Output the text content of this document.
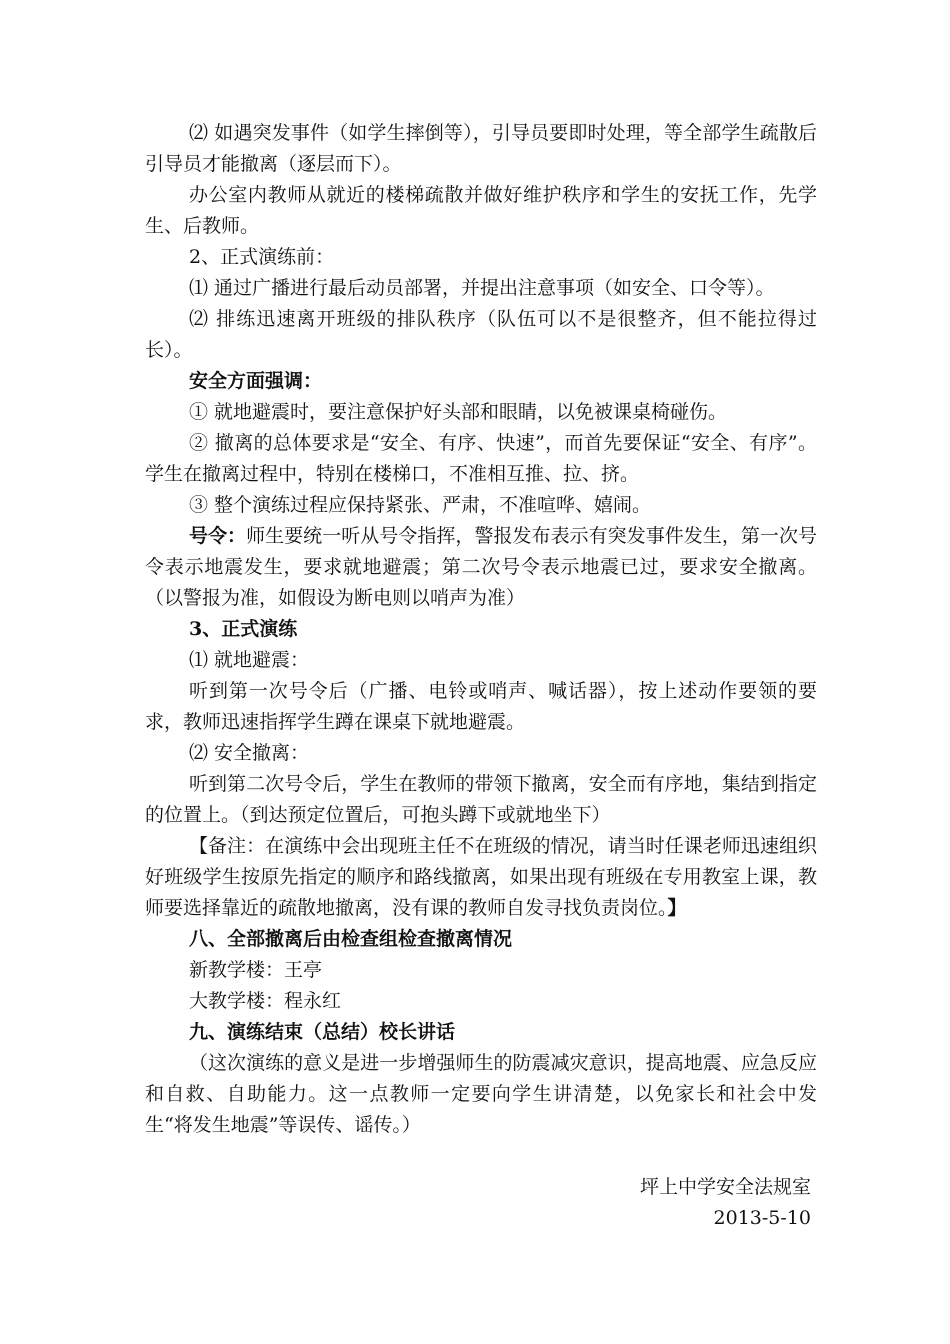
⑵ 如遇突发事件（如学生摔倒等），引导员要即时处理，等全部学生疏散后引导员才能撤离（逐层而下）。

办公室内教师从就近的楼梯疏散并做好维护秩序和学生的安抚工作，先学生、后教师。

2、正式演练前：

⑴ 通过广播进行最后动员部署，并提出注意事项（如安全、口令等）。

⑵ 排练迅速离开班级的排队秩序（队伍可以不是很整齐，但不能拉得过长）。

安全方面强调：

① 就地避震时，要注意保护好头部和眼睛，以免被课桌椅碰伤。

② 撤离的总体要求是“安全、有序、快速”，而首先要保证“安全、有序”。学生在撤离过程中，特别在楼梯口，不准相互推、拉、挤。

③ 整个演练过程应保持紧张、严肃，不准喧哗、嬉闹。

号令：师生要统一听从号令指挥，警报发布表示有突发事件发生，第一次号令表示地震发生，要求就地避震；第二次号令表示地震已过，要求安全撤离。（以警报为准，如假设为断电则以哨声为准）

3、正式演练

⑴ 就地避震：

听到第一次号令后（广播、电铃或哨声、喊话器），按上述动作要领的要求，教师迅速指挥学生蹲在课桌下就地避震。

⑵ 安全撤离：

听到第二次号令后，学生在教师的带领下撤离，安全而有序地，集结到指定的位置上。（到达预定位置后，可抱头蹲下或就地坐下）

【备注：在演练中会出现班主任不在班级的情况，请当时任课老师迅速组织好班级学生按原先指定的顺序和路线撤离，如果出现有班级在专用教室上课，教师要选择靠近的疏散地撤离，没有课的教师自发寻找负责岗位。】

八、全部撤离后由检查组检查撤离情况

新教学楼：王亭

大教学楼：程永红

九、演练结束（总结）校长讲话

（这次演练的意义是进一步增强师生的防震减灾意识，提高地震、应急反应和自救、自助能力。这一点教师一定要向学生讲清楚，以免家长和社会中发生“将发生地震”等误传、谣传。）

坪上中学安全法规室

2013-5-10
